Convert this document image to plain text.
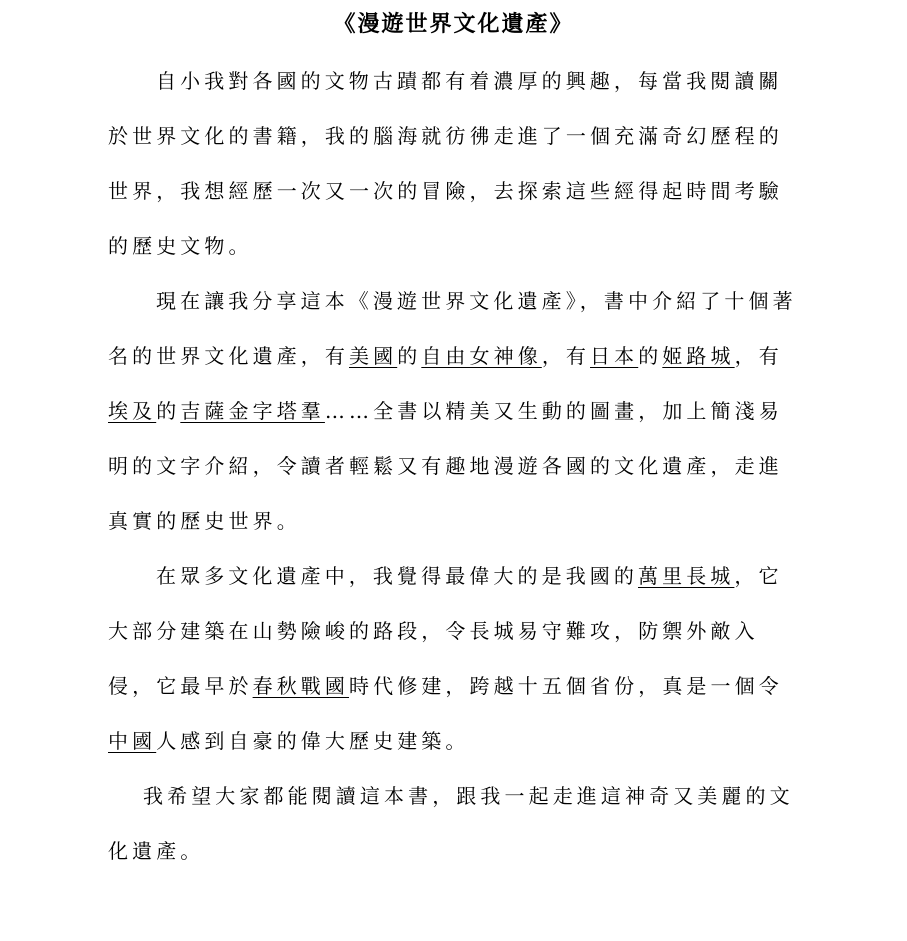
《漫遊世界文化遺產》
自小我對各國的文物古蹟都有着濃厚的興趣，每當我閱讀關
於世界文化的書籍，我的腦海就彷彿走進了一個充滿奇幻歷程的
世界，我想經歷一次又一次的冒險，去探索這些經得起時間考驗
的歷史文物。
現在讓我分享這本《漫遊世界文化遺產》，書中介紹了十個著
名的世界文化遺產，有美國的自由女神像，有日本的姬路城，有
埃及的吉薩金字塔羣……全書以精美又生動的圖畫，加上簡淺易
明的文字介紹，令讀者輕鬆又有趣地漫遊各國的文化遺產，走進
真實的歷史世界。
在眾多文化遺產中，我覺得最偉大的是我國的萬里長城，它
大部分建築在山勢險峻的路段，令長城易守難攻，防禦外敵入
侵，它最早於春秋戰國時代修建，跨越十五個省份，真是一個令
中國人感到自豪的偉大歷史建築。
我希望大家都能閱讀這本書，跟我一起走進這神奇又美麗的文
化遺產。
